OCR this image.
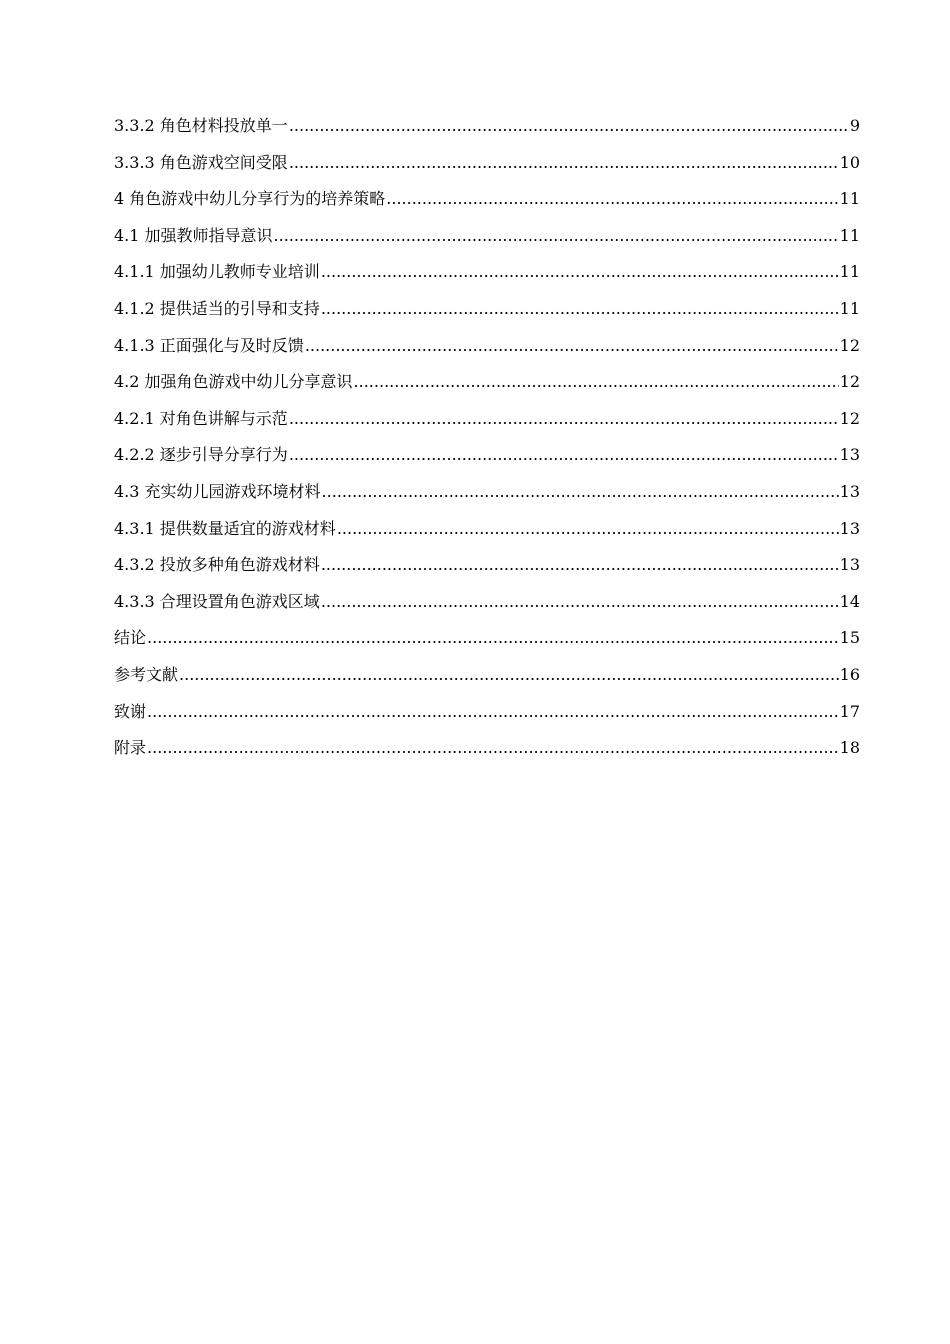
3.3.2 角色材料投放单一 .....	9
3.3.3 角色游戏空间受限 .....	10
4 角色游戏中幼儿分享行为的培养策略 .....	11
4.1 加强教师指导意识 .....	11
4.1.1 加强幼儿教师专业培训 .....	11
4.1.2 提供适当的引导和支持 .....	11
4.1.3 正面强化与及时反馈 .....	12
4.2 加强角色游戏中幼儿分享意识 .....	12
4.2.1 对角色讲解与示范 .....	12
4.2.2 逐步引导分享行为 .....	13
4.3 充实幼儿园游戏环境材料 .....	13
4.3.1 提供数量适宜的游戏材料 .....	13
4.3.2 投放多种角色游戏材料 .....	13
4.3.3 合理设置角色游戏区域 .....	14
结论 .....	15
参考文献 .....	16
致谢 .....	17
附录 .....	18
